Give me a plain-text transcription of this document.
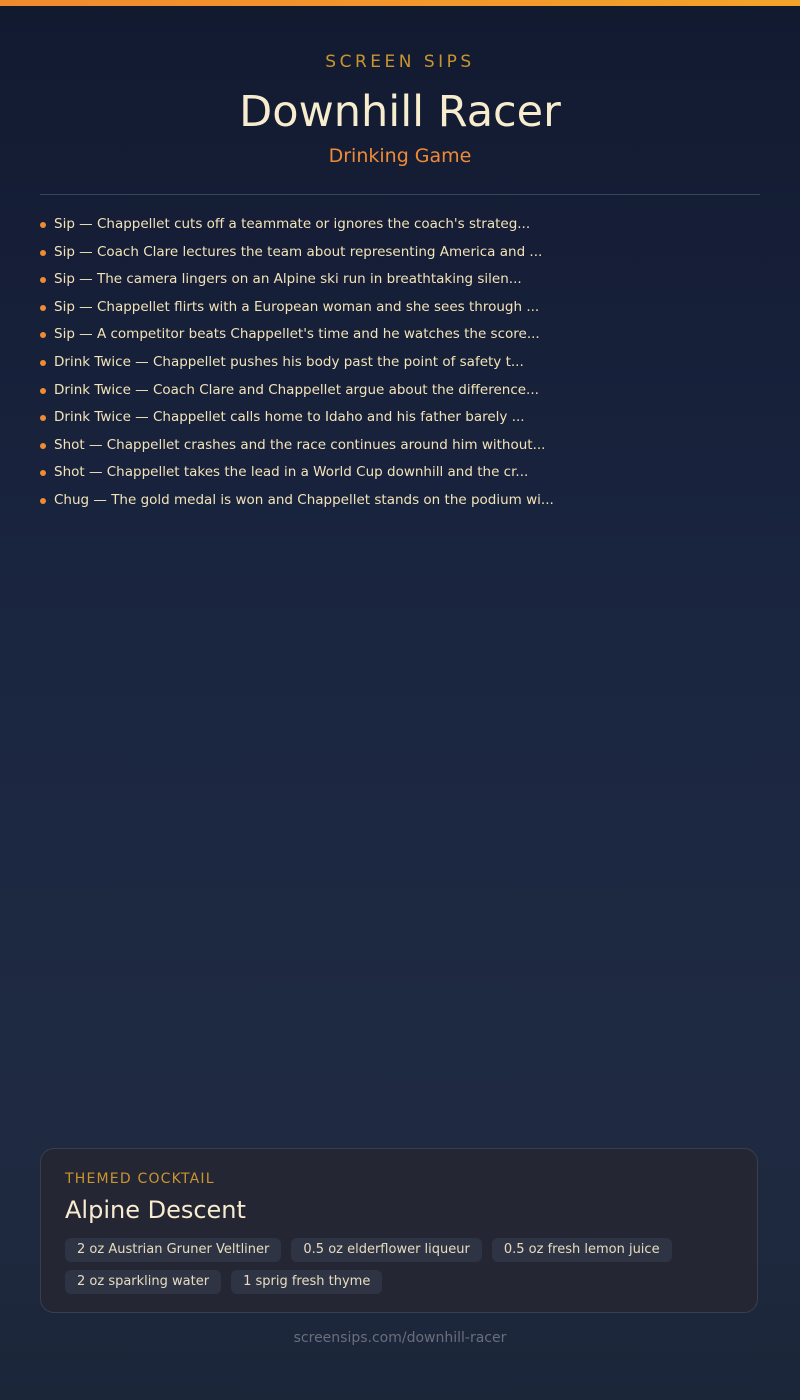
SCREEN SIPS
Downhill Racer
Drinking Game
Sip — Chappellet cuts off a teammate or ignores the coach's strateg...
Sip — Coach Clare lectures the team about representing America and ...
Sip — The camera lingers on an Alpine ski run in breathtaking silen...
Sip — Chappellet flirts with a European woman and she sees through ...
Sip — A competitor beats Chappellet's time and he watches the score...
Drink Twice — Chappellet pushes his body past the point of safety t...
Drink Twice — Coach Clare and Chappellet argue about the difference...
Drink Twice — Chappellet calls home to Idaho and his father barely ...
Shot — Chappellet crashes and the race continues around him without...
Shot — Chappellet takes the lead in a World Cup downhill and the cr...
Chug — The gold medal is won and Chappellet stands on the podium wi...
THEMED COCKTAIL
Alpine Descent
2 oz Austrian Gruner Veltliner	0.5 oz elderflower liqueur	0.5 oz fresh lemon juice2 oz sparkling water	1 sprig fresh thyme
screensips.com/downhill-racer
